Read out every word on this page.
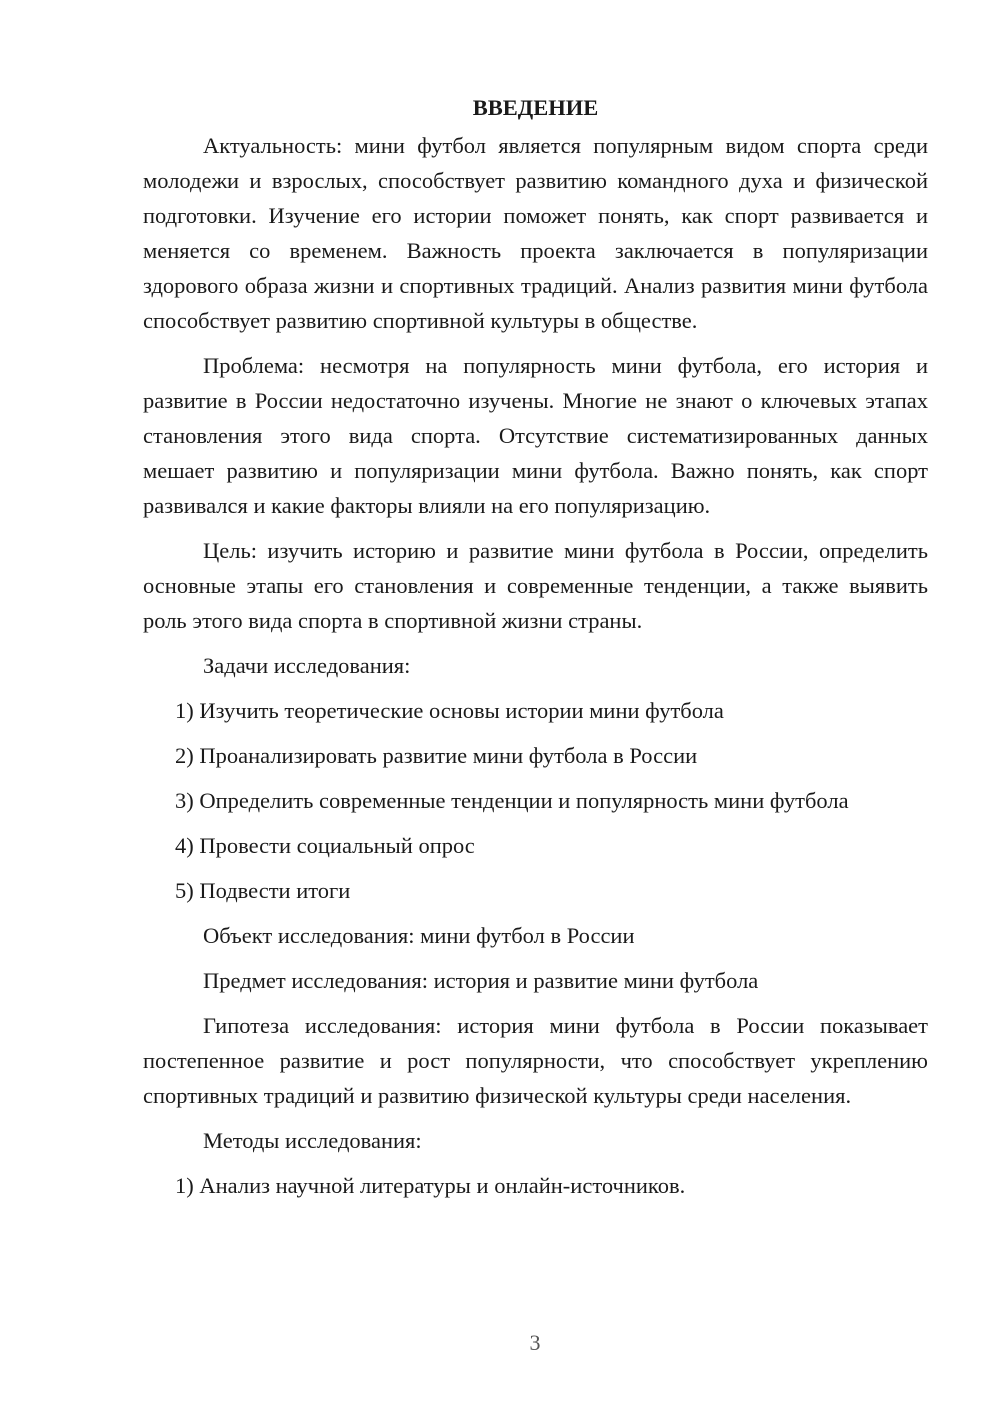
ВВЕДЕНИЕ

Актуальность: мини футбол является популярным видом спорта среди молодежи и взрослых, способствует развитию командного духа и физической подготовки. Изучение его истории поможет понять, как спорт развивается и меняется со временем. Важность проекта заключается в популяризации здорового образа жизни и спортивных традиций. Анализ развития мини футбола способствует развитию спортивной культуры в обществе.

Проблема: несмотря на популярность мини футбола, его история и развитие в России недостаточно изучены. Многие не знают о ключевых этапах становления этого вида спорта. Отсутствие систематизированных данных мешает развитию и популяризации мини футбола. Важно понять, как спорт развивался и какие факторы влияли на его популяризацию.

Цель: изучить историю и развитие мини футбола в России, определить основные этапы его становления и современные тенденции, а также выявить роль этого вида спорта в спортивной жизни страны.

Задачи исследования:

1) Изучить теоретические основы истории мини футбола

2) Проанализировать развитие мини футбола в России

3) Определить современные тенденции и популярность мини футбола

4) Провести социальный опрос

5) Подвести итоги

Объект исследования: мини футбол в России

Предмет исследования: история и развитие мини футбола

Гипотеза исследования: история мини футбола в России показывает постепенное развитие и рост популярности, что способствует укреплению спортивных традиций и развитию физической культуры среди населения.

Методы исследования:

1) Анализ научной литературы и онлайн-источников.

3
